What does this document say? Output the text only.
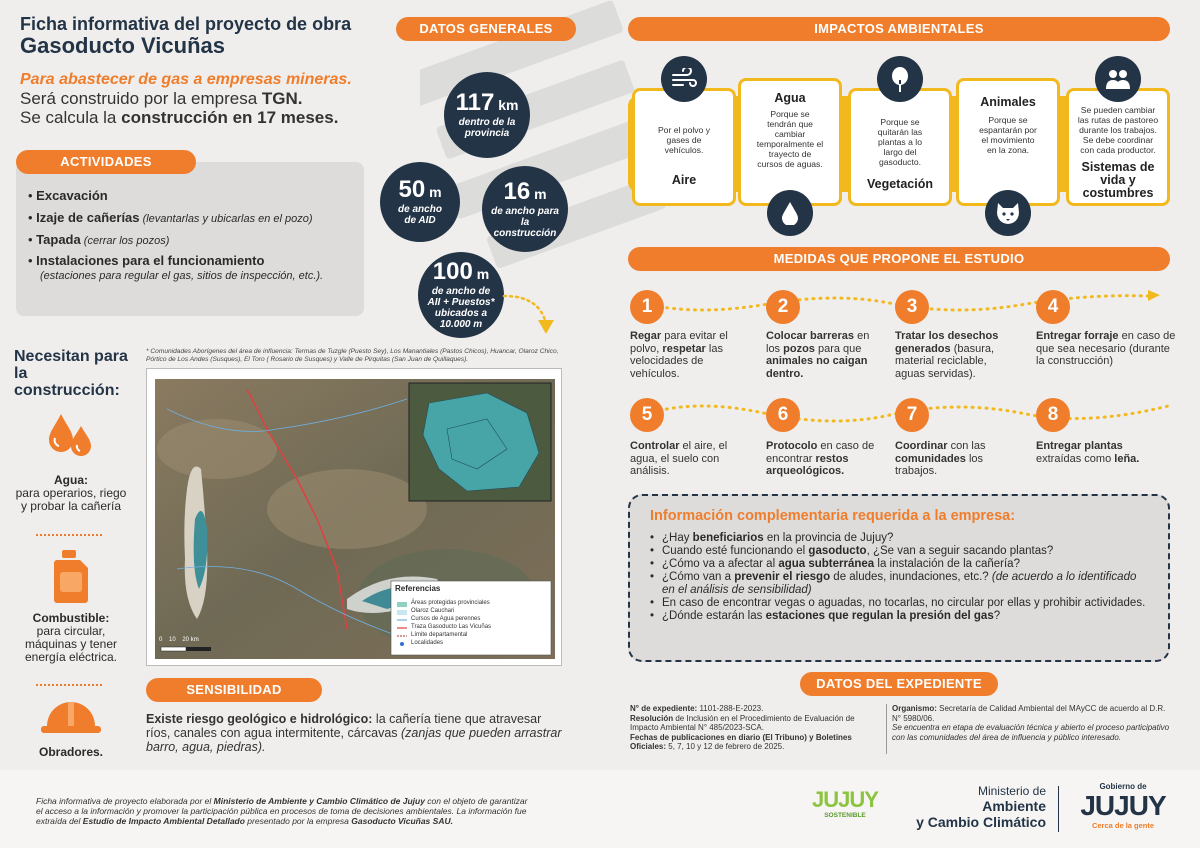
Ficha informativa del proyecto de obra
Gasoducto Vicuñas
Para abastecer de gas a empresas mineras.
Será construido por la empresa TGN.
Se calcula la construcción en 17 meses.
ACTIVIDADES
• Excavación
• Izaje de cañerías (levantarlas y ubicarlas en el pozo)
• Tapada (cerrar los pozos)
• Instalaciones para el funcionamiento
(estaciones para regular el gas, sitios de inspección, etc.).
DATOS GENERALES
117 km
dentro de la provincia
50 m
de ancho de AID
16 m
de ancho para la construcción
100 m
de ancho de AII + Puestos* ubicados a 10.000 m
Necesitan para la construcción:
Agua:
para operarios, riego y probar la cañería
Combustible:
para circular, máquinas y tener energía eléctrica.
Obradores.
* Comunidades Aborígenes del área de influencia: Termas de Tuzgle (Puesto Sey), Los Manantiales (Pastos Chicos), Huancar, Olaroz Chico, Pórtico de Los Andes (Susques), El Toro ( Rosario de Susques) y Valle de Pirquitas (San Juan de Quillaques).
Referencias
Áreas protegidas provinciales
Olaroz Cauchari
Cursos de Agua perennes
Traza Gasoducto Las Vicuñas
Límite departamental
Localidades
0    10    20 km
SENSIBILIDAD
Existe riesgo geológico e hidrológico: la cañería tiene que atravesar ríos, canales con agua intermitente, cárcavas (zanjas que pueden arrastrar barro, agua, piedras).
IMPACTOS AMBIENTALES
Por el polvo y gases de vehículos.
Aire
Agua
Porque se tendrán que cambiar temporalmente el trayecto de cursos de aguas.
Porque se quitarán las plantas a lo largo del gasoducto.
Vegetación
Animales
Porque se espantarán por el movimiento en la zona.
Se pueden cambiar las rutas de pastoreo durante los trabajos. Se debe coordinar con cada productor.
Sistemas de vida y costumbres
MEDIDAS QUE PROPONE EL ESTUDIO
1
Regar para evitar el polvo, respetar las velocidades de vehículos.
2
Colocar barreras en los pozos para que animales no caigan dentro.
3
Tratar los desechos generados (basura, material reciclable, aguas servidas).
4
Entregar forraje en caso de que sea necesario (durante la construcción)
5
Controlar el aire, el agua, el suelo con análisis.
6
Protocolo en caso de encontrar restos arqueológicos.
7
Coordinar con las comunidades los trabajos.
8
Entregar plantas extraídas como leña.
Información complementaria requerida a la empresa:
• ¿Hay beneficiarios en la provincia de Jujuy?
• Cuando esté funcionando el gasoducto, ¿Se van a seguir sacando plantas?
• ¿Cómo va a afectar al agua subterránea la instalación de la cañería?
• ¿Cómo van a prevenir el riesgo de aludes, inundaciones, etc.? (de acuerdo a lo identificado en el análisis de sensibilidad)
• En caso de encontrar vegas o aguadas, no tocarlas, no circular por ellas y prohibir actividades.
• ¿Dónde estarán las estaciones que regulan la presión del gas?
DATOS DEL EXPEDIENTE
N° de expediente: 1101-288-E-2023.
Resolución de Inclusión en el Procedimiento de Evaluación de Impacto Ambiental N° 485/2023-SCA.
Fechas de publicaciones en diario (El Tribuno) y Boletines Oficiales: 5, 7, 10 y 12 de febrero de 2025.
Organismo: Secretaría de Calidad Ambiental del MAyCC de acuerdo al D.R. N° 5980/06.
Se encuentra en etapa de evaluación técnica y abierto el proceso participativo con las comunidades del área de influencia y público interesado.
Ficha informativa de proyecto elaborada por el Ministerio de Ambiente y Cambio Climático de Jujuy con el objeto de garantizar el acceso a la información y promover la participación pública en procesos de toma de decisiones ambientales. La información fue extraída del Estudio de Impacto Ambiental Detallado presentado por la empresa Gasoducto Vicuñas SAU.
JUJUY
SOSTENIBLE
Ministerio de
Ambiente
y Cambio Climático
Gobierno de
JUJUY
Cerca de la gente
